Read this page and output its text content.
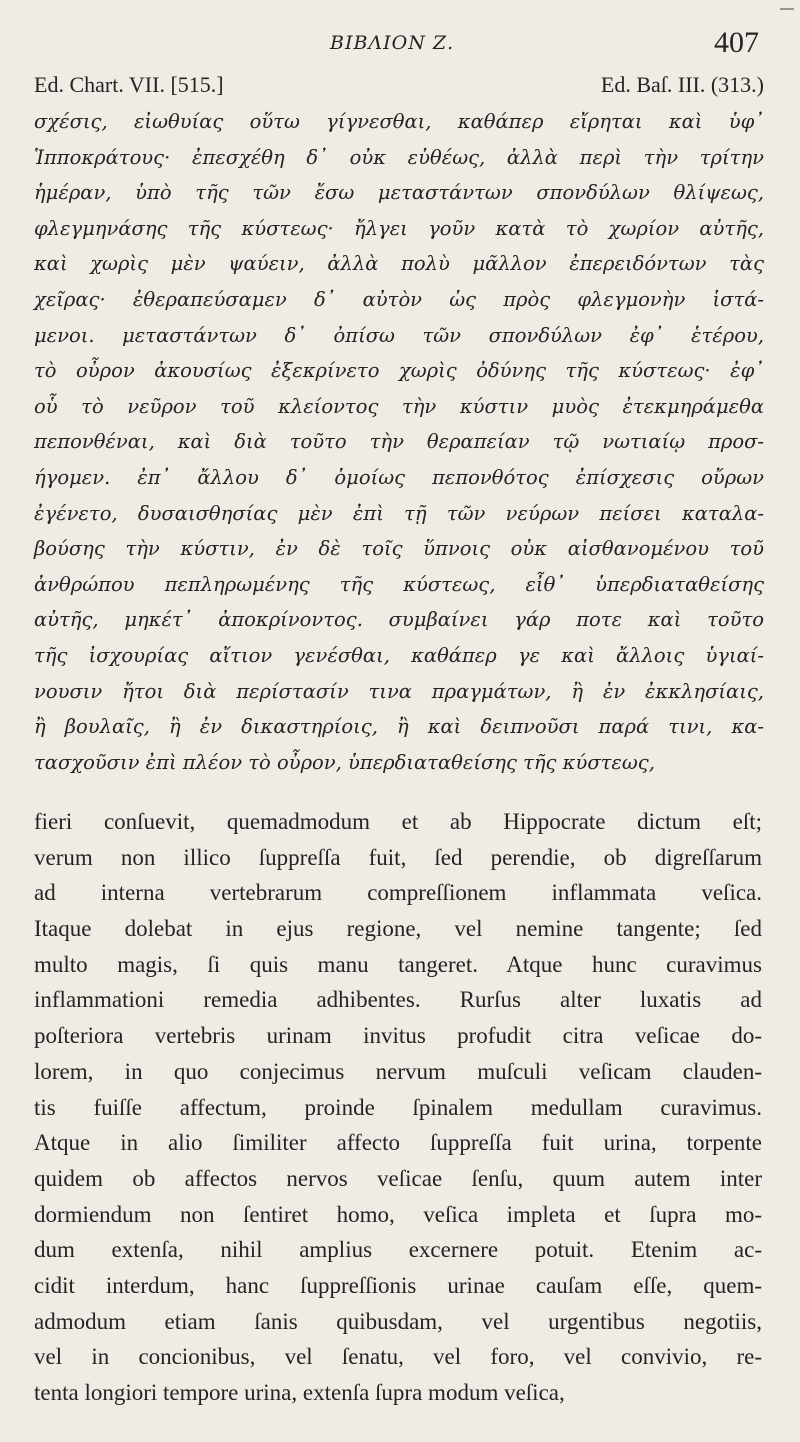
ΒΙΒΛΙΟΝ Ζ.	407
Ed. Chart. VII. [515.]	Ed. Baſ. III. (313.)
σχέσις, εἰωθυίας οὕτω γίγνεσθαι, καθάπερ εἴρηται καὶ ὑφ᾽
Ἱπποκράτους· ἐπεσχέθη δ᾽ οὐκ εὐθέως, ἀλλὰ περὶ τὴν τρίτην
ἡμέραν, ὑπὸ τῆς τῶν ἔσω μεταστάντων σπονδύλων θλίψεως,
φλεγμηνάσης τῆς κύστεως· ἤλγει γοῦν κατὰ τὸ χωρίον αὐτῆς,
καὶ χωρὶς μὲν ψαύειν, ἀλλὰ πολὺ μᾶλλον ἐπερειδόντων τὰς
χεῖρας· ἐθεραπεύσαμεν δ᾽ αὐτὸν ὡς πρὸς φλεγμονὴν ἱστά-
μενοι. μεταστάντων δ᾽ ὀπίσω τῶν σπονδύλων ἐφ᾽ ἑτέρου,
τὸ οὖρον ἀκουσίως ἐξεκρίνετο χωρὶς ὀδύνης τῆς κύστεως· ἐφ᾽
οὗ τὸ νεῦρον τοῦ κλείοντος τὴν κύστιν μυὸς ἐτεκμηράμεθα
πεπονθέναι, καὶ διὰ τοῦτο τὴν θεραπείαν τῷ νωτιαίῳ προσ-
ήγομεν. ἐπ᾽ ἄλλου δ᾽ ὁμοίως πεπονθότος ἐπίσχεσις οὔρων
ἐγένετο, δυσαισθησίας μὲν ἐπὶ τῇ τῶν νεύρων πείσει καταλα-
βούσης τὴν κύστιν, ἐν δὲ τοῖς ὕπνοις οὐκ αἰσθανομένου τοῦ
ἀνθρώπου πεπληρωμένης τῆς κύστεως, εἶθ᾽ ὑπερδιαταθείσης
αὐτῆς, μηκέτ᾽ ἀποκρίνοντος. συμβαίνει γάρ ποτε καὶ τοῦτο
τῆς ἰσχουρίας αἴτιον γενέσθαι, καθάπερ γε καὶ ἄλλοις ὑγιαί-
νουσιν ἤτοι διὰ περίστασίν τινα πραγμάτων, ἢ ἐν ἐκκλησίαις,
ἢ βουλαῖς, ἢ ἐν δικαστηρίοις, ἢ καὶ δειπνοῦσι παρά τινι, κα-
τασχοῦσιν ἐπὶ πλέον τὸ οὖρον, ὑπερδιαταθείσης τῆς κύστεως,
fieri conſuevit, quemadmodum et ab Hippocrate dictum eſt;
verum non illico ſuppreſſa fuit, ſed perendie, ob digreſſarum
ad interna vertebrarum compreſſionem inflammata veſica.
Itaque dolebat in ejus regione, vel nemine tangente; ſed
multo magis, ſi quis manu tangeret. Atque hunc curavimus
inflammationi remedia adhibentes. Rurſus alter luxatis ad
poſteriora vertebris urinam invitus profudit citra veſicae do-
lorem, in quo conjecimus nervum muſculi veſicam clauden-
tis fuiſſe affectum, proinde ſpinalem medullam curavimus.
Atque in alio ſimiliter affecto ſuppreſſa fuit urina, torpente
quidem ob affectos nervos veſicae ſenſu, quum autem inter
dormiendum non ſentiret homo, veſica impleta et ſupra mo-
dum extenſa, nihil amplius excernere potuit. Etenim ac-
cidit interdum, hanc ſuppreſſionis urinae cauſam eſſe, quem-
admodum etiam ſanis quibusdam, vel urgentibus negotiis,
vel in concionibus, vel ſenatu, vel foro, vel convivio, re-
tenta longiori tempore urina, extenſa ſupra modum veſica,
